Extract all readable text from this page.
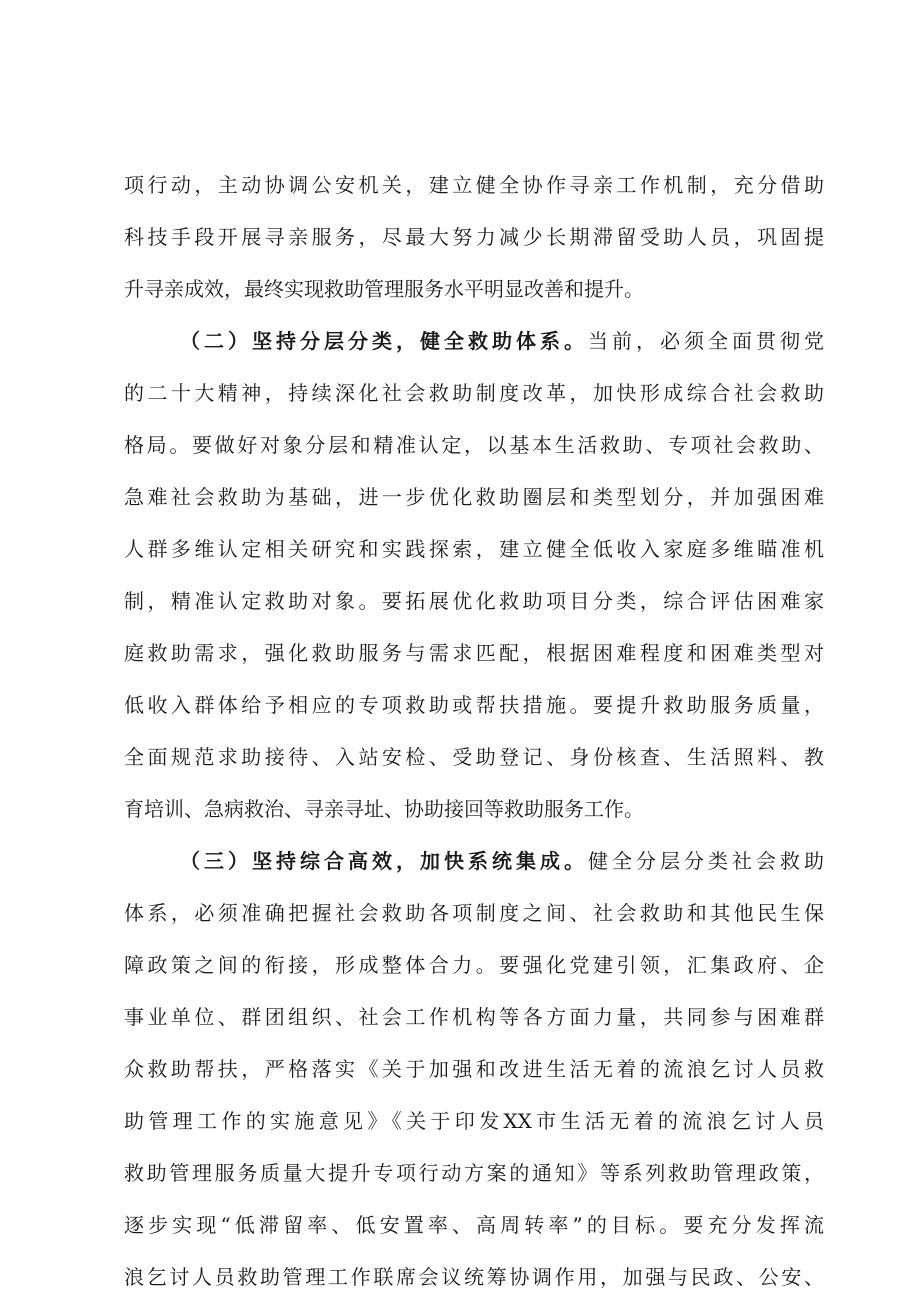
项行动，主动协调公安机关，建立健全协作寻亲工作机制，充分借助
科技手段开展寻亲服务，尽最大努力减少长期滞留受助人员，巩固提
升寻亲成效，最终实现救助管理服务水平明显改善和提升。
（二）坚持分层分类，健全救助体系。当前，必须全面贯彻党
的二十大精神，持续深化社会救助制度改革，加快形成综合社会救助
格局。要做好对象分层和精准认定，以基本生活救助、专项社会救助、
急难社会救助为基础，进一步优化救助圈层和类型划分，并加强困难
人群多维认定相关研究和实践探索，建立健全低收入家庭多维瞄准机
制，精准认定救助对象。要拓展优化救助项目分类，综合评估困难家
庭救助需求，强化救助服务与需求匹配，根据困难程度和困难类型对
低收入群体给予相应的专项救助或帮扶措施。要提升救助服务质量，
全面规范求助接待、入站安检、受助登记、身份核查、生活照料、教
育培训、急病救治、寻亲寻址、协助接回等救助服务工作。
（三）坚持综合高效，加快系统集成。健全分层分类社会救助
体系，必须准确把握社会救助各项制度之间、社会救助和其他民生保
障政策之间的衔接，形成整体合力。要强化党建引领，汇集政府、企
事业单位、群团组织、社会工作机构等各方面力量，共同参与困难群
众救助帮扶，严格落实《关于加强和改进生活无着的流浪乞讨人员救
助管理工作的实施意见》《关于印发XX市生活无着的流浪乞讨人员
救助管理服务质量大提升专项行动方案的通知》等系列救助管理政策，
逐步实现“低滞留率、低安置率、高周转率”的目标。要充分发挥流
浪乞讨人员救助管理工作联席会议统筹协调作用，加强与民政、公安、
